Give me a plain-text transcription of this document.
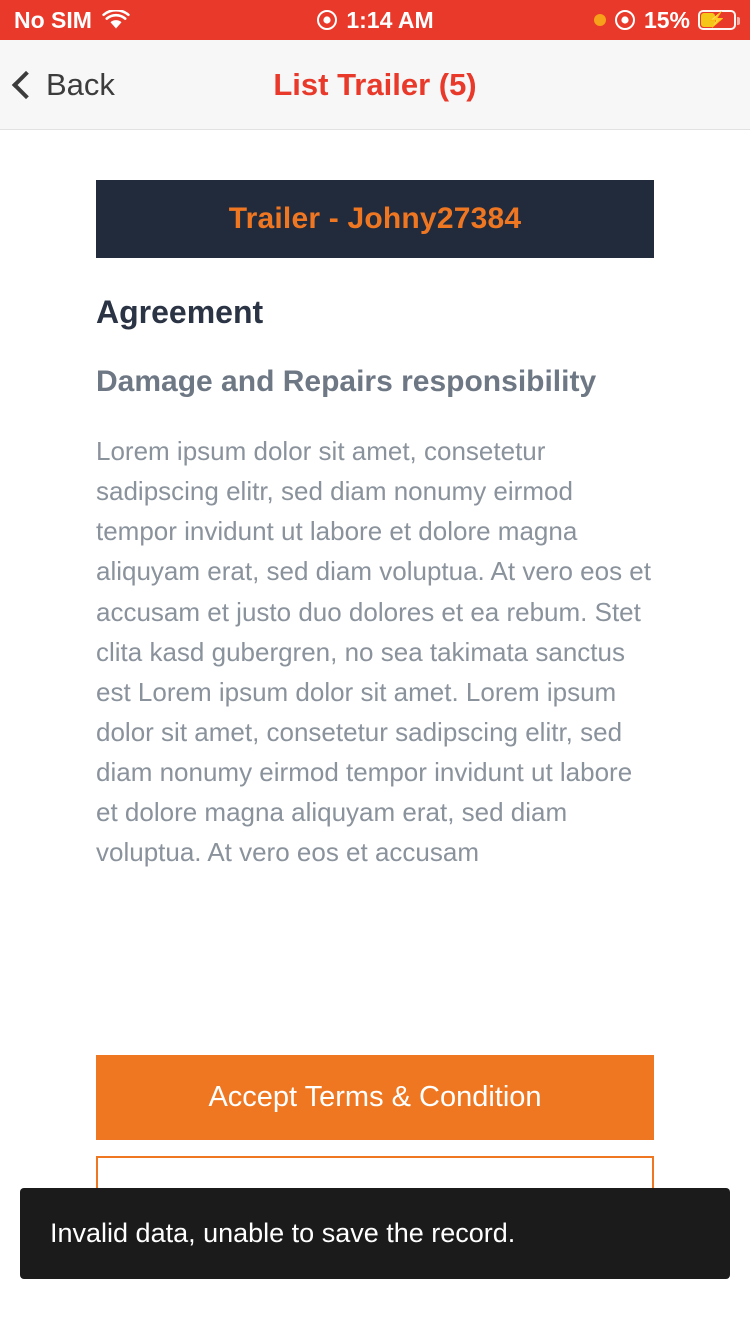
No SIM	1:14 AM	15% ⚡
Back	List Trailer (5)
Trailer - Johny27384
Agreement
Damage and Repairs responsibility
Lorem ipsum dolor sit amet, consetetur sadipscing elitr, sed diam nonumy eirmod tempor invidunt ut labore et dolore magna aliquyam erat, sed diam voluptua. At vero eos et accusam et justo duo dolores et ea rebum. Stet clita kasd gubergren, no sea takimata sanctus est Lorem ipsum dolor sit amet. Lorem ipsum dolor sit amet, consetetur sadipscing elitr, sed diam nonumy eirmod tempor invidunt ut labore et dolore magna aliquyam erat, sed diam voluptua. At vero eos et accusam
Accept Terms & Condition
Invalid data, unable to save the record.
